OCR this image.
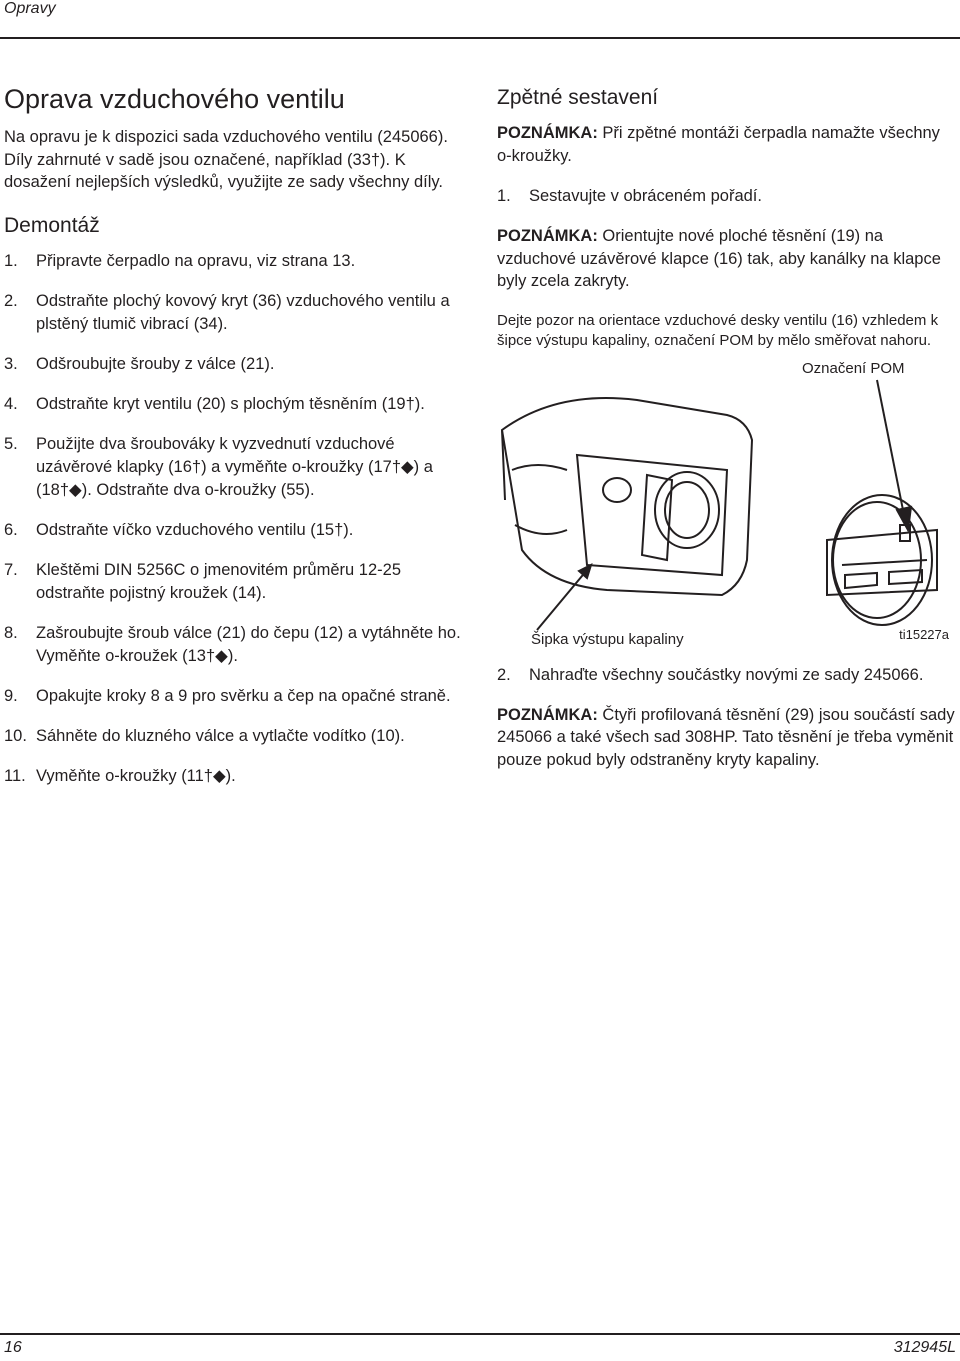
Opravy
Oprava vzduchového ventilu

Na opravu je k dispozici sada vzduchového ventilu (245066). Díly zahrnuté v sadě jsou označené, například (33†). K dosažení nejlepších výsledků, využijte ze sady všechny díly.

Demontáž
1. Připravte čerpadlo na opravu, viz strana 13.
2. Odstraňte plochý kovový kryt (36) vzduchového ventilu a plstěný tlumič vibrací (34).
3. Odšroubujte šrouby z válce (21).
4. Odstraňte kryt ventilu (20) s plochým těsněním (19†).
5. Použijte dva šroubováky k vyzvednutí vzduchové uzávěrové klapky (16†) a vyměňte o-kroužky (17†◆) a (18†◆). Odstraňte dva o-kroužky (55).
6. Odstraňte víčko vzduchového ventilu (15†).
7. Kleštěmi DIN 5256C o jmenovitém průměru 12-25 odstraňte pojistný kroužek (14).
8. Zašroubujte šroub válce (21) do čepu (12) a vytáhněte ho. Vyměňte o-kroužek (13†◆).
9. Opakujte kroky 8 a 9 pro svěrku a čep na opačné straně.
10. Sáhněte do kluzného válce a vytlačte vodítko (10).
11. Vyměňte o-kroužky (11†◆).
Zpětné sestavení

POZNÁMKA: Při zpětné montáži čerpadla namažte všechny o-kroužky.

1. Sestavujte v obráceném pořadí.

POZNÁMKA: Orientujte nové ploché těsnění (19) na vzduchové uzávěrové klapce (16) tak, aby kanálky na klapce byly zcela zakryty.

Dejte pozor na orientace vzduchové desky ventilu (16) vzhledem k šipce výstupu kapaliny, označení POM by mělo směřovat nahoru.

Označení POM
Šipka výstupu kapaliny	ti15227a
2. Nahraďte všechny součástky novými ze sady 245066.

POZNÁMKA: Čtyři profilovaná těsnění (29) jsou součástí sady 245066 a také všech sad 308HP. Tato těsnění je třeba vyměnit pouze pokud byly odstraněny kryty kapaliny.

16	312945L
